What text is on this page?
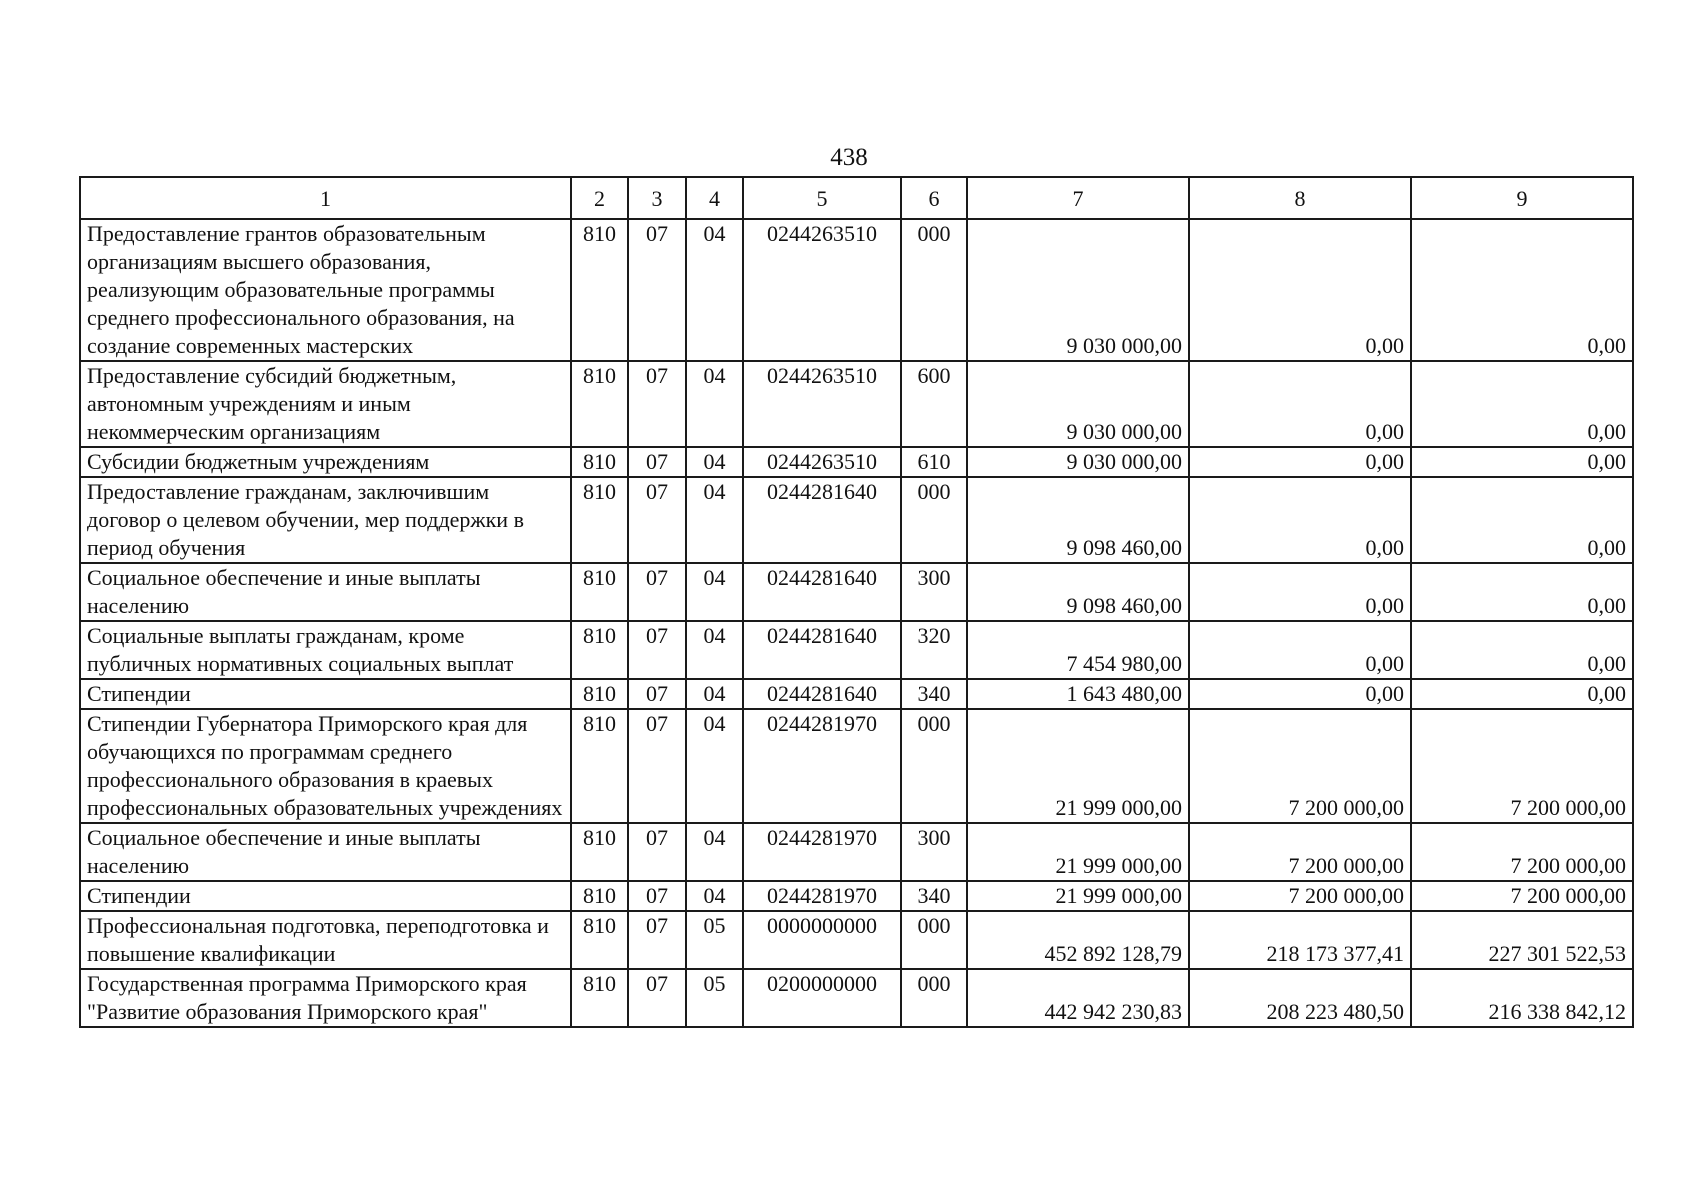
438
1	2	3	4	5	6	7	8	9
Предоставление грантов образовательным организациям высшего образования, реализующим образовательные программы среднего профессионального образования, на создание современных мастерских	810	07	04	0244263510	000	9 030 000,00	0,00	0,00
Предоставление субсидий бюджетным, автономным учреждениям и иным некоммерческим организациям	810	07	04	0244263510	600	9 030 000,00	0,00	0,00
Субсидии бюджетным учреждениям	810	07	04	0244263510	610	9 030 000,00	0,00	0,00
Предоставление гражданам, заключившим договор о целевом обучении, мер поддержки в период обучения	810	07	04	0244281640	000	9 098 460,00	0,00	0,00
Социальное обеспечение и иные выплаты населению	810	07	04	0244281640	300	9 098 460,00	0,00	0,00
Социальные выплаты гражданам, кроме публичных нормативных социальных выплат	810	07	04	0244281640	320	7 454 980,00	0,00	0,00
Стипендии	810	07	04	0244281640	340	1 643 480,00	0,00	0,00
Стипендии Губернатора Приморского края для обучающихся по программам среднего профессионального образования в краевых профессиональных образовательных учреждениях	810	07	04	0244281970	000	21 999 000,00	7 200 000,00	7 200 000,00
Социальное обеспечение и иные выплаты населению	810	07	04	0244281970	300	21 999 000,00	7 200 000,00	7 200 000,00
Стипендии	810	07	04	0244281970	340	21 999 000,00	7 200 000,00	7 200 000,00
Профессиональная подготовка, переподготовка и повышение квалификации	810	07	05	0000000000	000	452 892 128,79	218 173 377,41	227 301 522,53
Государственная программа Приморского края "Развитие образования Приморского края"	810	07	05	0200000000	000	442 942 230,83	208 223 480,50	216 338 842,12
